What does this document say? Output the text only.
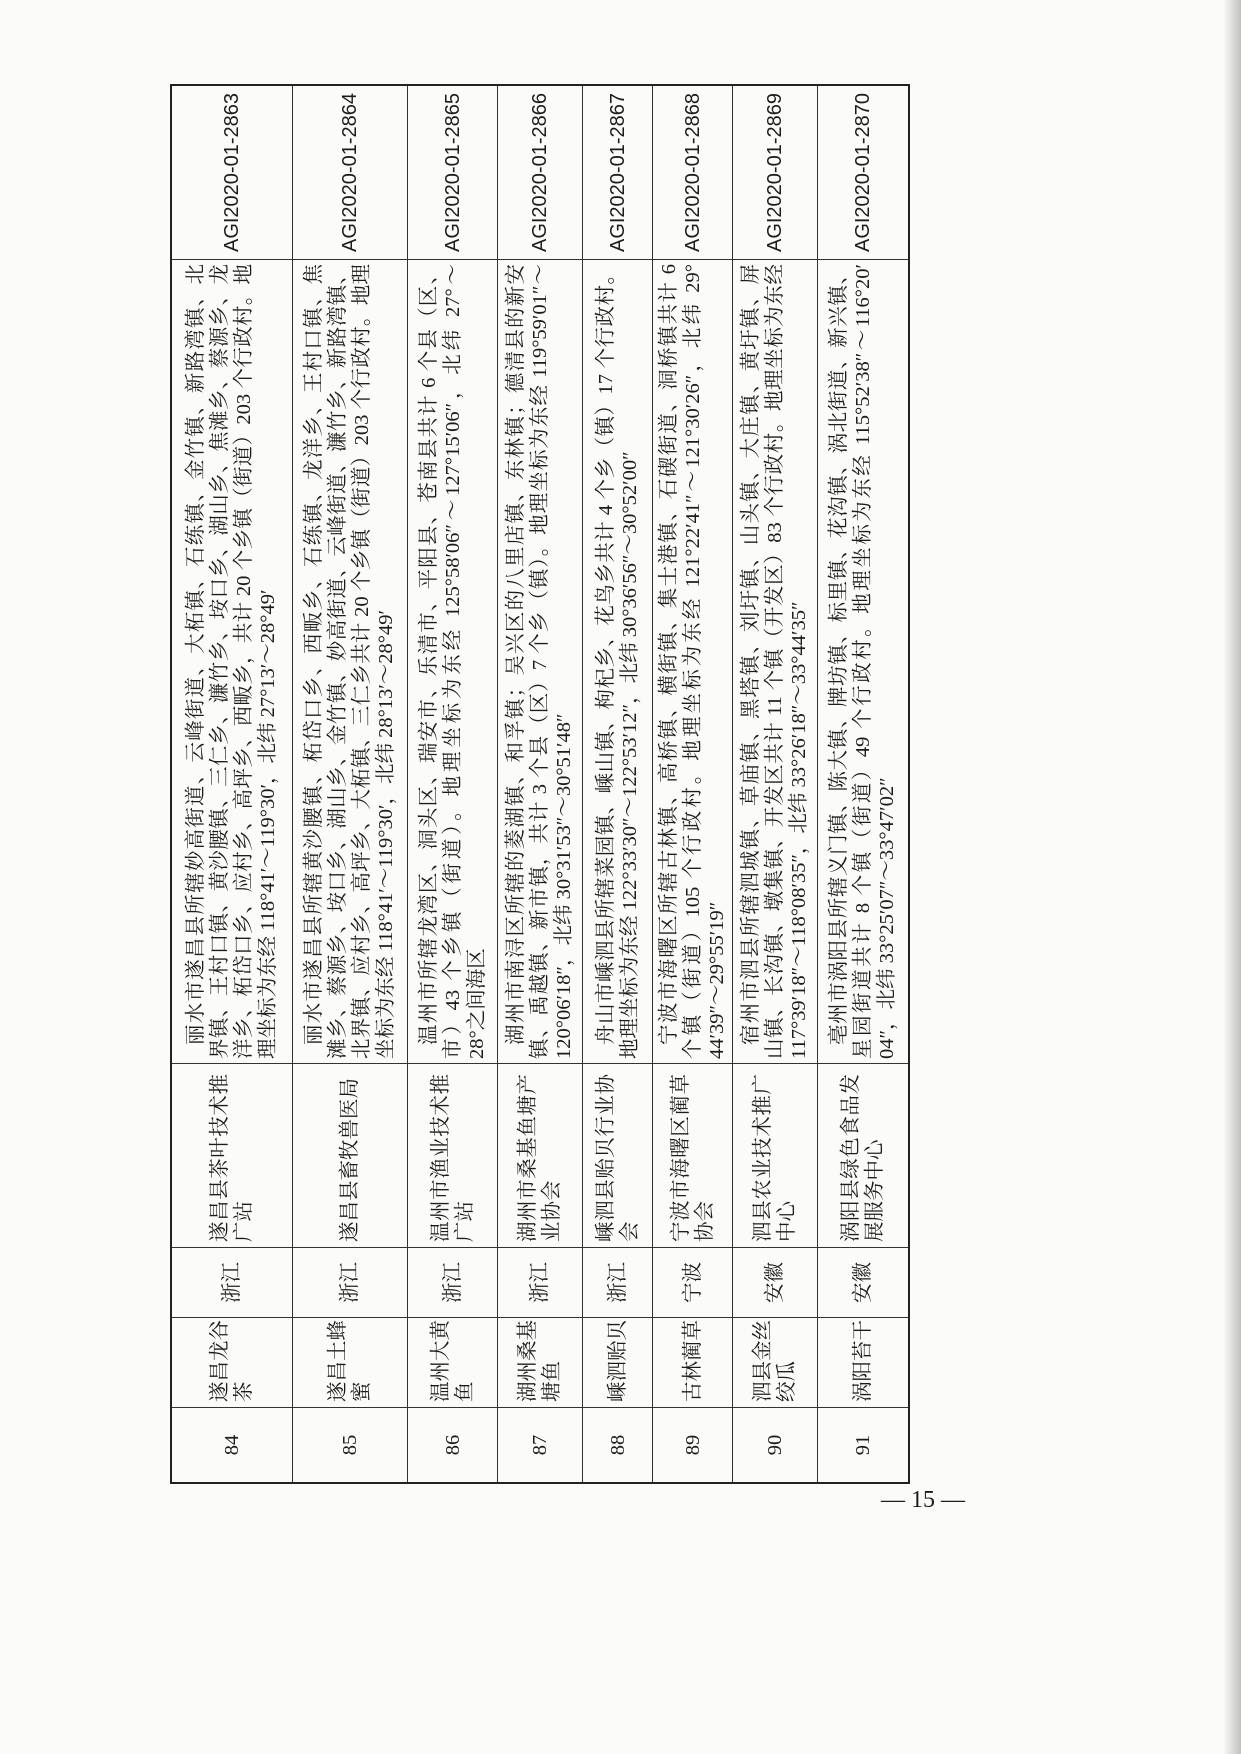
84
遂昌龙谷茶
浙江
遂昌县茶叶技术推广站
丽水市遂昌县所辖妙高街道、云峰街道、大柘镇、石练镇、金竹镇、新路湾镇、北 界镇、王村口镇、黄沙腰镇、三仁乡、濂竹乡、垵口乡、湖山乡、焦滩乡、蔡源乡、龙 洋乡、柘岱口乡、应村乡、高坪乡、西畈乡，共计 20 个乡镇（街道）203 个行政村。地 理坐标为东经 118°41′～119°30′，北纬 27°13′～28°49′
AGI2020-01-2863
85
遂昌土蜂蜜
浙江
遂昌县畜牧兽医局
丽水市遂昌县所辖黄沙腰镇、柘岱口乡、西畈乡、石练镇、龙洋乡、王村口镇、焦 滩乡、蔡源乡、垵口乡、湖山乡、金竹镇、妙高街道、云峰街道、濂竹乡、新路湾镇、 北界镇、应村乡、高坪乡、大柘镇、三仁乡共计 20 个乡镇（街道）203 个行政村。地理 坐标为东经 118°41′～119°30′，北纬 28°13′～28°49′
AGI2020-01-2864
86
温州大黄鱼
浙江
温州市渔业技术推广站
温州市所辖龙湾区、洞头区、瑞安市、乐清市、平阳县、苍南县共计 6 个县（区、 市）43 个乡镇（街道）。地理坐标为东经 125°58′06″～127°15′06″，北纬 27°～ 28°之间海区
AGI2020-01-2865
87
湖州桑基塘鱼
浙江
湖州市桑基鱼塘产业协会
湖州市南浔区所辖的菱湖镇、和孚镇；吴兴区的八里店镇、东林镇；德清县的新安 镇、禹越镇、新市镇，共计 3 个县（区）7 个乡（镇）。地理坐标为东经 119°59′01″～ 120°06′18″，北纬 30°31′53″～30°51′48″
AGI2020-01-2866
88
嵊泗贻贝
浙江
嵊泗县贻贝行业协会
舟山市嵊泗县所辖菜园镇、嵊山镇、枸杞乡、花鸟乡共计 4 个乡（镇）17 个行政村。 地理坐标为东经 122°33′30″～122°53′12″，北纬 30°36′56″～30°52′00″
AGI2020-01-2867
89
古林蔺草
宁波
宁波市海曙区蔺草协会
宁波市海曙区所辖古林镇、高桥镇、横街镇、集士港镇、石碶街道、洞桥镇共计 6 个镇（街道）105 个行政村。地理坐标为东经 121°22′41″～121°30′26″，北纬 29° 44′39″～29°55′19″
AGI2020-01-2868
90
泗县金丝绞瓜
安徽
泗县农业技术推广中心
宿州市泗县所辖泗城镇、草庙镇、黑塔镇、刘圩镇、山头镇、大庄镇、黄圩镇、屏 山镇、长沟镇、墩集镇、开发区共计 11 个镇（开发区）83 个行政村。地理坐标为东经 117°39′18″～118°08′35″，北纬 33°26′18″～33°44′35″
AGI2020-01-2869
91
涡阳苔干
安徽
涡阳县绿色食品发展服务中心
亳州市涡阳县所辖义门镇、陈大镇、牌坊镇、标里镇、花沟镇、涡北街道、新兴镇、 星园街道共计 8 个镇（街道）49 个行政村。地理坐标为东经 115°52′38″～116°20′ 04″，北纬 33°25′07″～33°47′02″
AGI2020-01-2870
— 15 —
